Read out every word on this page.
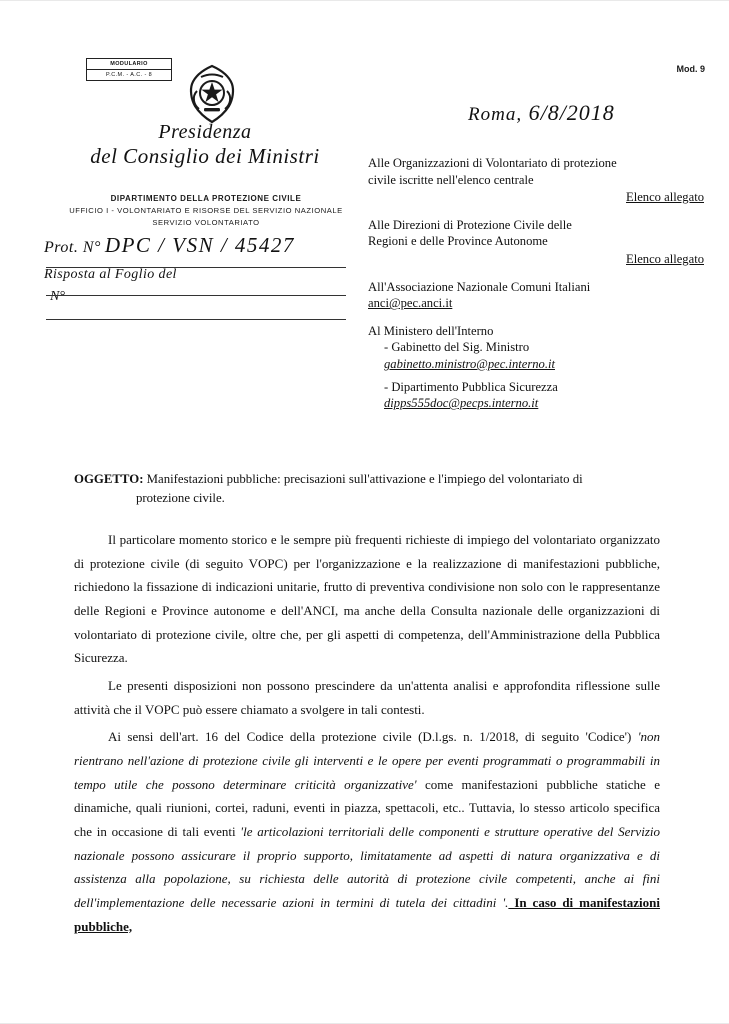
MODULARIO
P.C.M. - A.C. - 8
Mod. 9
Presidenza
del Consiglio dei Ministri
DIPARTIMENTO DELLA PROTEZIONE CIVILE
UFFICIO I - VOLONTARIATO E RISORSE DEL SERVIZIO NAZIONALE
SERVIZIO VOLONTARIATO
Prot. N° DPC / VSN / 45427
Risposta al Foglio del
N°
Roma, 6/8/2018
Alle Organizzazioni di Volontariato di protezione
civile iscritte nell'elenco centrale
Elenco allegato
Alle Direzioni di Protezione Civile delle
Regioni e delle Province Autonome
Elenco allegato
All'Associazione Nazionale Comuni Italiani
anci@pec.anci.it
Al Ministero dell'Interno
- Gabinetto del Sig. Ministro
gabinetto.ministro@pec.interno.it
- Dipartimento Pubblica Sicurezza
dipps555doc@pecps.interno.it
OGGETTO: Manifestazioni pubbliche: precisazioni sull'attivazione e l'impiego del volontariato di
protezione civile.

Il particolare momento storico e le sempre più frequenti richieste di impiego del volontariato organizzato di protezione civile (di seguito VOPC) per l'organizzazione e la realizzazione di manifestazioni pubbliche, richiedono la fissazione di indicazioni unitarie, frutto di preventiva condivisione non solo con le rappresentanze delle Regioni e Province autonome e dell'ANCI, ma anche della Consulta nazionale delle organizzazioni di volontariato di protezione civile, oltre che, per gli aspetti di competenza, dell'Amministrazione della Pubblica Sicurezza.

Le presenti disposizioni non possono prescindere da un'attenta analisi e approfondita riflessione sulle attività che il VOPC può essere chiamato a svolgere in tali contesti.

Ai sensi dell'art. 16 del Codice della protezione civile (D.l.gs. n. 1/2018, di seguito 'Codice') 'non rientrano nell'azione di protezione civile gli interventi e le opere per eventi programmati o programmabili in tempo utile che possono determinare criticità organizzative' come manifestazioni pubbliche statiche e dinamiche, quali riunioni, cortei, raduni, eventi in piazza, spettacoli, etc.. Tuttavia, lo stesso articolo specifica che in occasione di tali eventi 'le articolazioni territoriali delle componenti e strutture operative del Servizio nazionale possono assicurare il proprio supporto, limitatamente ad aspetti di natura organizzativa e di assistenza alla popolazione, su richiesta delle autorità di protezione civile competenti, anche ai fini dell'implementazione delle necessarie azioni in termini di tutela dei cittadini '. In caso di manifestazioni pubbliche,
